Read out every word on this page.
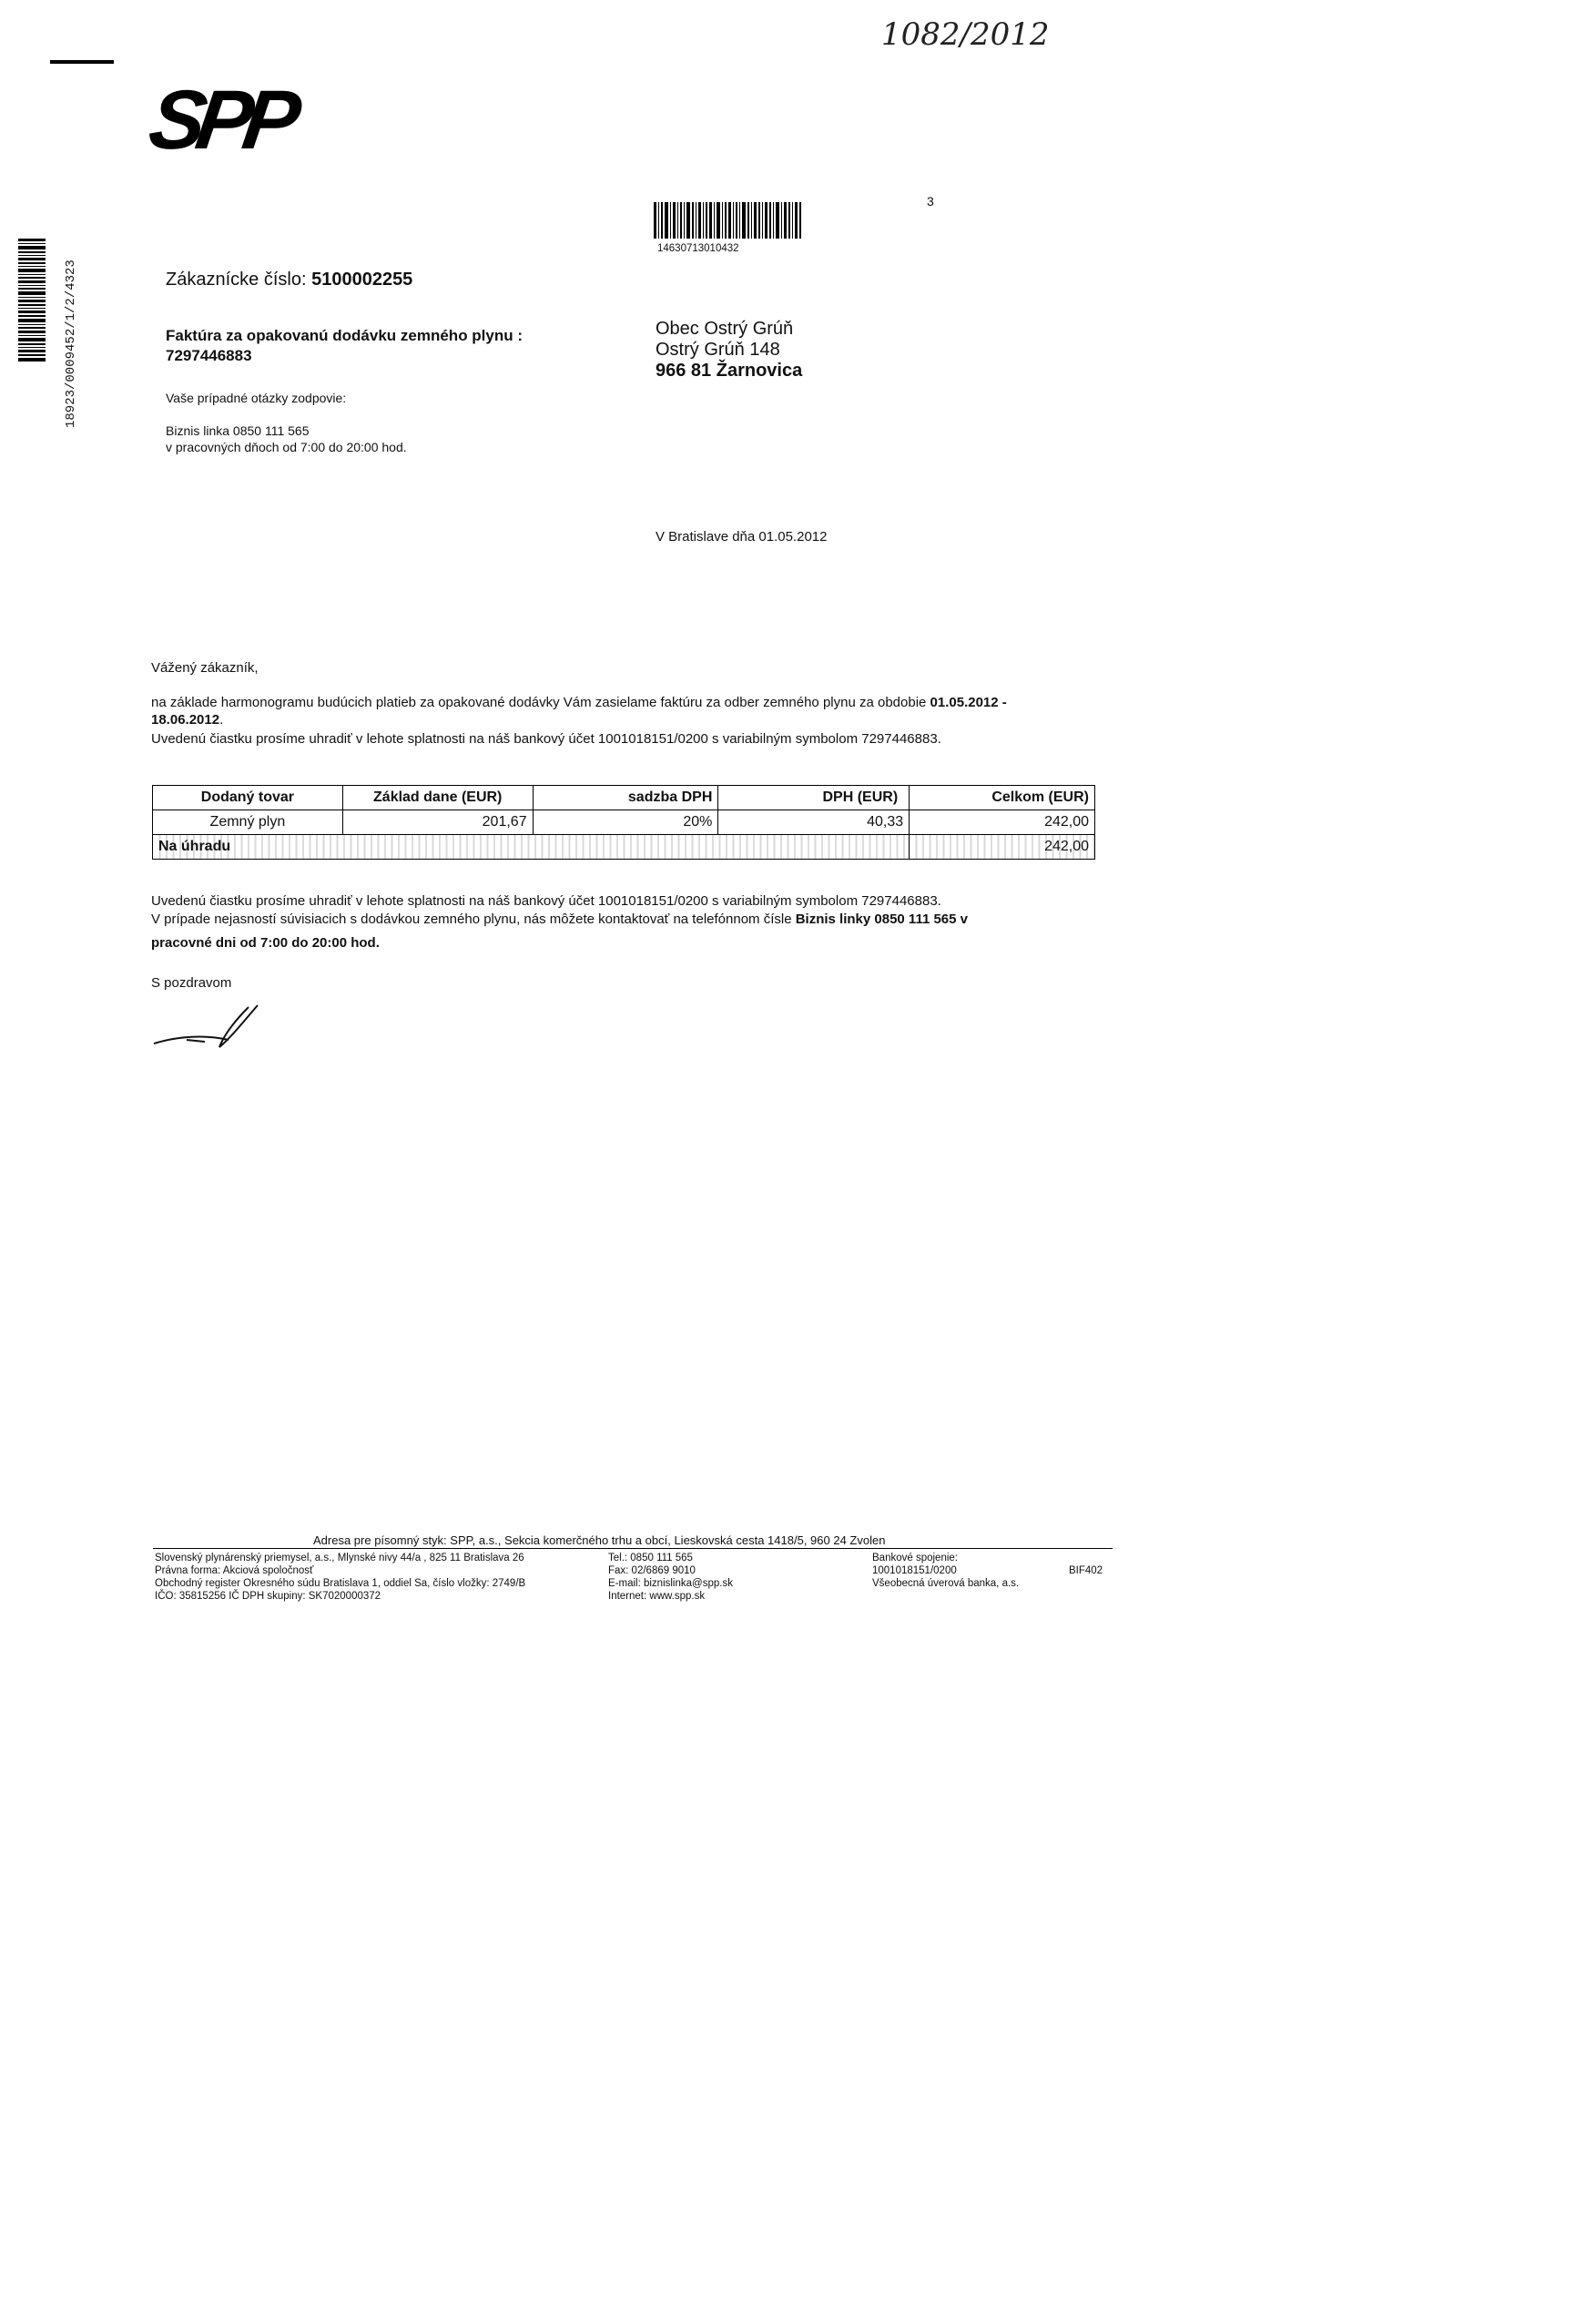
SPP
1082/2012
14630713010432
3
18923/0009452/1/2/4323	Zákaznícke číslo: 5100002255
Faktúra za opakovanú dodávku zemného plynu :
7297446883
Vaše prípadné otázky zodpovie:
Biznis linka 0850 111 565
v pracovných dňoch od 7:00 do 20:00 hod.
Obec Ostrý Grúň
Ostrý Grúň 148
966 81 Žarnovica
V Bratislave dňa 01.05.2012
Vážený zákazník,
na základe harmonogramu budúcich platieb za opakované dodávky Vám zasielame faktúru za odber zemného plynu za obdobie 01.05.2012 -
18.06.2012.
Uvedenú čiastku prosíme uhradiť v lehote splatnosti na náš bankový účet 1001018151/0200 s variabilným symbolom 7297446883.
Dodaný tovar	Základ dane (EUR)	sadzba DPH	DPH (EUR)	Celkom (EUR)
Zemný plyn	201,67	20%	40,33	242,00
Na úhradu				242,00
Uvedenú čiastku prosíme uhradiť v lehote splatnosti na náš bankový účet 1001018151/0200 s variabilným symbolom 7297446883.
V prípade nejasností súvisiacich s dodávkou zemného plynu, nás môžete kontaktovať na telefónnom čísle Biznis linky 0850 111 565 v
pracovné dni od 7:00 do 20:00 hod.
S pozdravom
Adresa pre písomný styk: SPP, a.s., Sekcia komerčného trhu a obcí, Lieskovská cesta 1418/5, 960 24 Zvolen
Slovenský plynárenský priemysel, a.s., Mlynské nivy 44/a , 825 11 Bratislava 26
Právna forma: Akciová spoločnosť
Obchodný register Okresného súdu Bratislava 1, oddiel Sa, číslo vložky: 2749/B
IČO: 35815256 IČ DPH skupiny: SK7020000372
Tel.: 0850 111 565
Fax: 02/6869 9010
E-mail: biznislinka@spp.sk
Internet: www.spp.sk
Bankové spojenie:
1001018151/0200
Všeobecná úverová banka, a.s.
BIF402
